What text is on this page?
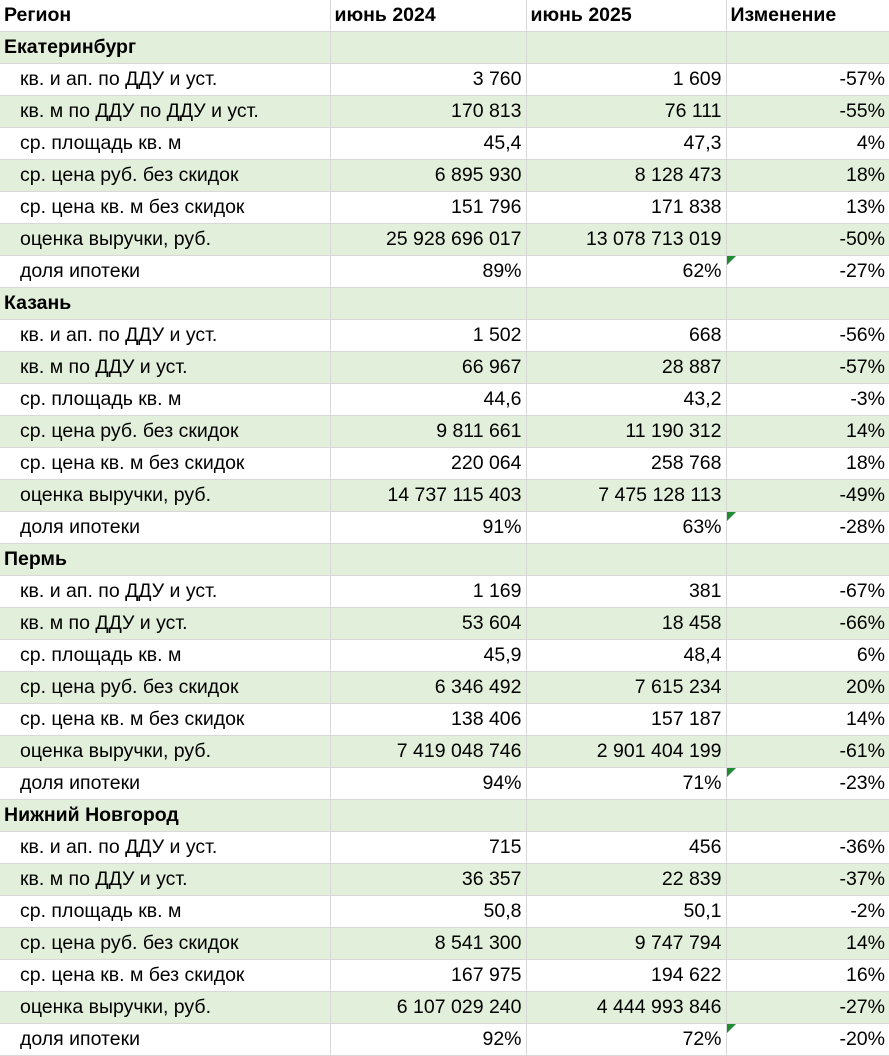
Регион	июнь 2024	июнь 2025	Изменение
Екатеринбург			
кв. и ап. по ДДУ и уст.	3 760	1 609	-57%
кв. м по ДДУ по ДДУ и уст.	170 813	76 111	-55%
ср. площадь кв. м	45,4	47,3	4%
ср. цена руб. без скидок	6 895 930	8 128 473	18%
ср. цена кв. м без скидок	151 796	171 838	13%
оценка выручки, руб.	25 928 696 017	13 078 713 019	-50%
доля ипотеки	89%	62%	-27%
Казань			
кв. и ап. по ДДУ и уст.	1 502	668	-56%
кв. м по ДДУ и уст.	66 967	28 887	-57%
ср. площадь кв. м	44,6	43,2	-3%
ср. цена руб. без скидок	9 811 661	11 190 312	14%
ср. цена кв. м без скидок	220 064	258 768	18%
оценка выручки, руб.	14 737 115 403	7 475 128 113	-49%
доля ипотеки	91%	63%	-28%
Пермь			
кв. и ап. по ДДУ и уст.	1 169	381	-67%
кв. м по ДДУ и уст.	53 604	18 458	-66%
ср. площадь кв. м	45,9	48,4	6%
ср. цена руб. без скидок	6 346 492	7 615 234	20%
ср. цена кв. м без скидок	138 406	157 187	14%
оценка выручки, руб.	7 419 048 746	2 901 404 199	-61%
доля ипотеки	94%	71%	-23%
Нижний Новгород			
кв. и ап. по ДДУ и уст.	715	456	-36%
кв. м по ДДУ и уст.	36 357	22 839	-37%
ср. площадь кв. м	50,8	50,1	-2%
ср. цена руб. без скидок	8 541 300	9 747 794	14%
ср. цена кв. м без скидок	167 975	194 622	16%
оценка выручки, руб.	6 107 029 240	4 444 993 846	-27%
доля ипотеки	92%	72%	-20%
